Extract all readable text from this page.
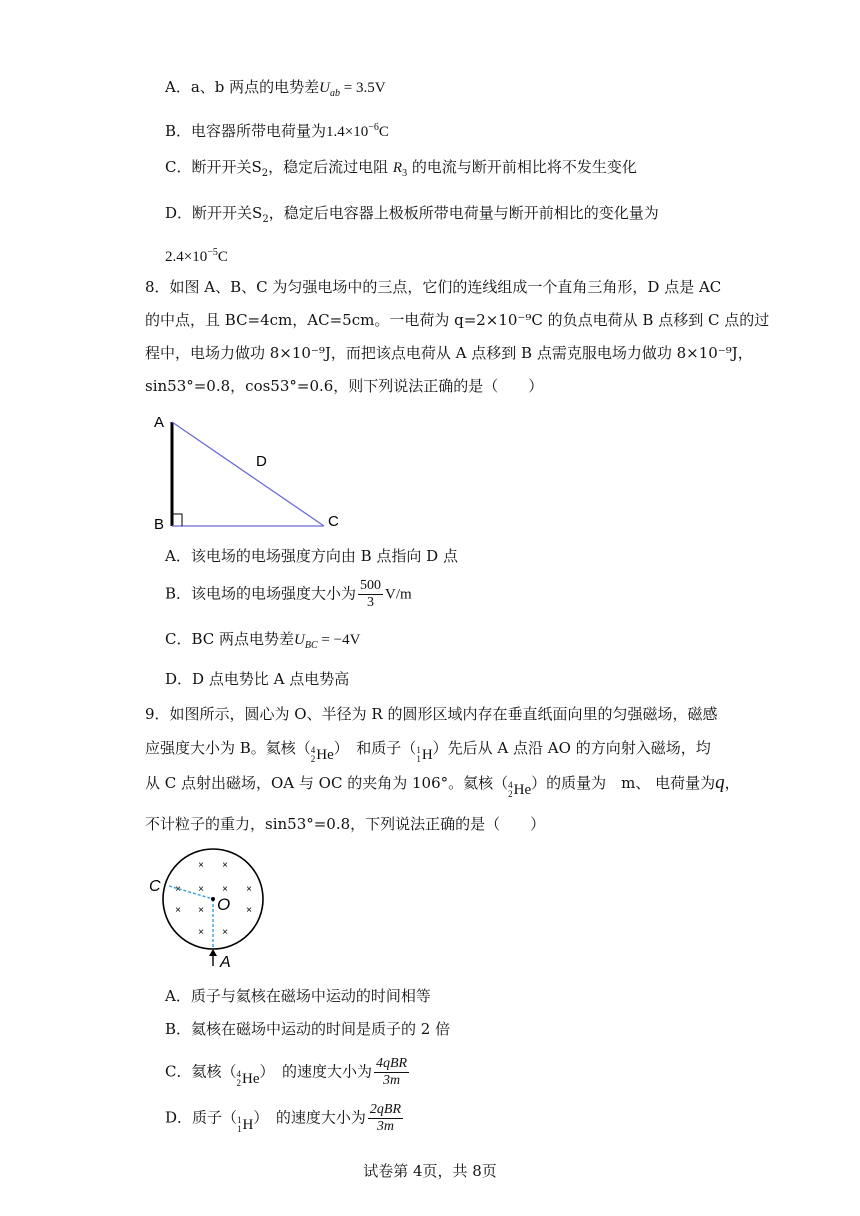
A．a、b 两点的电势差$U_{ab} = 3.5V$
B．电容器所带电荷量为$1.4\times 10^{-6}C$
C．断开开关$S_2$，稳定后流过电阻 $R_3$ 的电流与断开前相比将不发生变化
D．断开开关$S_2$，稳定后电容器上极板所带电荷量与断开前相比的变化量为
$2.4\times 10^{-5}C$
8．如图 A、B、C 为匀强电场中的三点，它们的连线组成一个直角三角形，D 点是 AC
的中点，且 BC=4cm，AC=5cm。一电荷为 q=2×10⁻⁹C 的负点电荷从 B 点移到 C 点的过
程中，电场力做功 8×10⁻⁹J，而把该点电荷从 A 点移到 B 点需克服电场力做功 8×10⁻⁹J，
sin53°=0.8，cos53°=0.6，则下列说法正确的是（　　）
A
B	C
D
A．该电场的电场强度方向由 B 点指向 D 点
B．该电场的电场强度大小为 $\frac{500}{3} V/m$
C．BC 两点电势差$U_{BC} = -4V$
D．D 点电势比 A 点电势高
9．如图所示，圆心为 O、半径为 R 的圆形区域内存在垂直纸面向里的匀强磁场，磁感
应强度大小为 B。氦核（ 4
2 He ）　和质子（ 1
1 H ）先后从 A 点沿 AO 的方向射入磁场，均
从 C 点射出磁场，OA 与 OC 的夹角为 106°。氦核（ 4
2 He ）的质量为　m、 电荷量为q，
不计粒子的重力，sin53°=0.8，下列说法正确的是（　　）
× ×
× × × ×
× ×	×
× ×
C
O
A
A．质子与氦核在磁场中运动的时间相等
B．氦核在磁场中运动的时间是质子的 2 倍
C．氦核（ 4
2 He ）　的速度大小为 $\frac{\text{4qBR}}{3m}$
D．质子（ 1
1 H ）　的速度大小为 $\frac{\text{2qBR}}{3m}$
试卷第 4页，共 8页
